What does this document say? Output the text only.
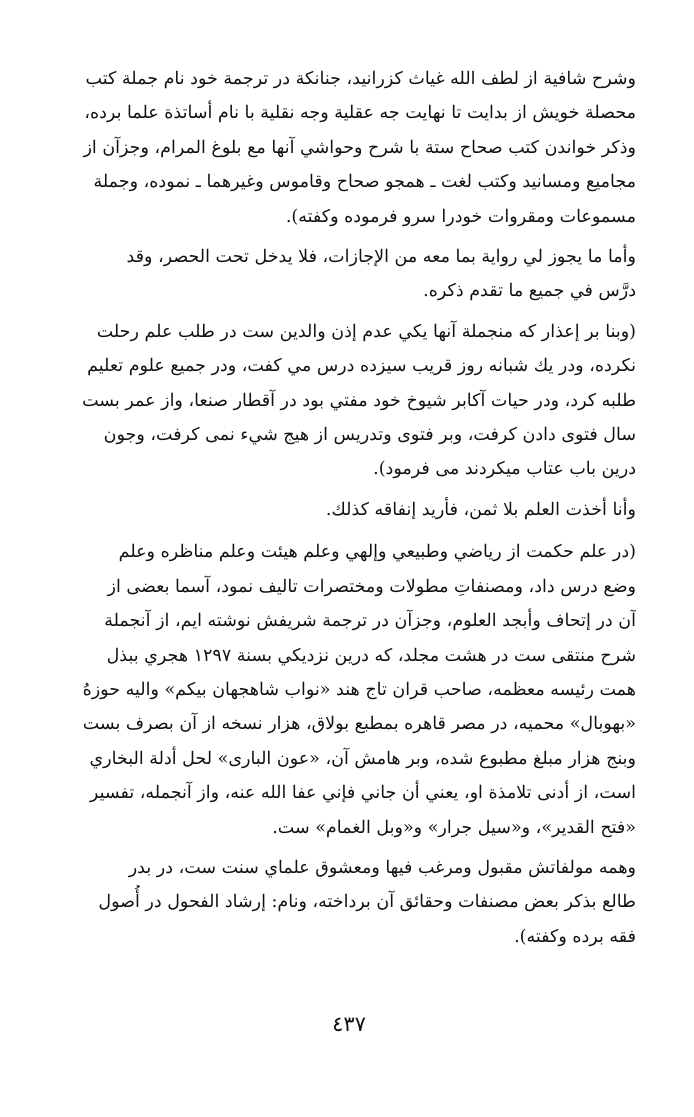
وشرح شافية از لطف الله غياث كزرانيد، جنانكة در ترجمة خود نام جملة كتب
محصلة خويش از بدايت تا نهايت جه عقلية وجه نقلية با نام أساتذة علما برده،
وذكر خواندن كتب صحاح ستة با شرح وحواشي آنها مع بلوغ المرام، وجزآن از
مجاميع ومسانيد وكتب لغت ـ همجو صحاح وقاموس وغيرهما ـ نموده، وجملة
مسموعات ومقروات خودرا سرو فرموده وكفته).

وأما ما يجوز لي رواية بما معه من الإجازات، فلا يدخل تحت الحصر، وقد
درَّس في جميع ما تقدم ذكره.

(وبنا بر إعذار كه منجملة آنها يكي عدم إذن والدين ست در طلب علم رحلت
نكرده، ودر يك شبانه روز قريب سيزده درس مي كفت، ودر جميع علوم تعليم
طلبه كرد، ودر حيات آكابر شيوخ خود مفتي بود در آقطار صنعا، واز عمر بست
سال فتوى دادن كرفت، وبر فتوى وتدريس از هيج شيء نمى كرفت، وجون
درين باب عتاب ميكردند مى فرمود).

وأنا أخذت العلم بلا ثمن، فأريد إنفاقه كذلك.

(در علم حكمت از رياضي وطبيعي وإلهي وعلم هيئت وعلم مناظره وعلم
وضع درس داد، ومصنفاتِ مطولات ومختصرات تاليف نمود، آسما بعضى از
آن در إتحاف وأبجد العلوم، وجزآن در ترجمة شريفش نوشته ايم، از آنجملة
شرح منتقى ست در هشت مجلد، كه درين نزديكي بسنة ١٢٩٧ هجري ببذل
همت رئيسه معظمه، صاحب قران تاج هند «نواب شاهجهان بيكم» واليه حوزهُ
«بهوبال» محميه، در مصر قاهره بمطبع بولاق، هزار نسخه از آن بصرف بست
وبنج هزار مبلغ مطبوع شده، وبر هامش آن، «عون البارى» لحل أدلة البخاري
است، از أدنى تلامذة او، يعني أن جاني فإني عفا الله عنه، واز آنجمله، تفسير
«فتح القدير»، و«سيل جرار» و«وبل الغمام» ست.

وهمه مولفاتش مقبول ومرغب فيها ومعشوق علماي سنت ست، در بدر
طالع بذكر بعض مصنفات وحقائق آن برداخته، ونام: إرشاد الفحول در أُصول
فقه برده وكفته).

٤٣٧
